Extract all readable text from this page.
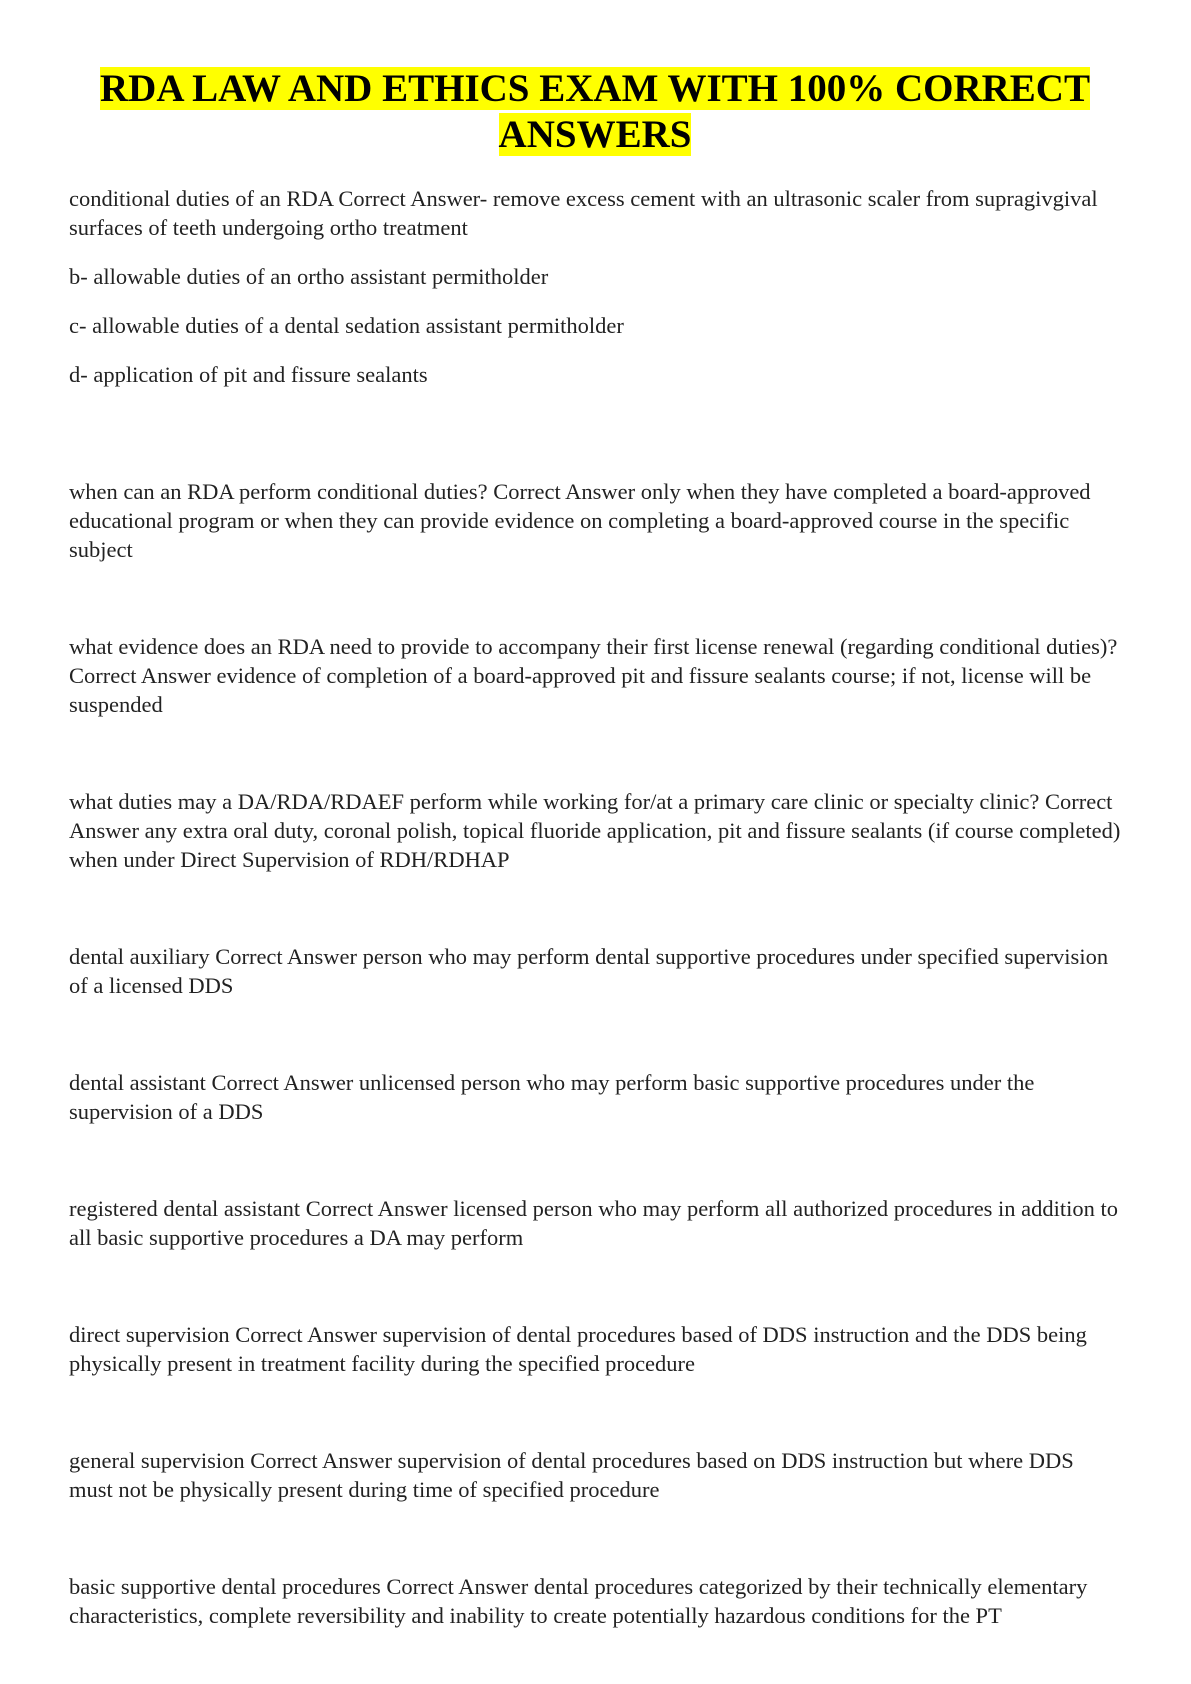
RDA LAW AND ETHICS EXAM WITH 100% CORRECT ANSWERS

conditional duties of an RDA Correct Answer- remove excess cement with an ultrasonic scaler from supragivgival surfaces of teeth undergoing ortho treatment

b- allowable duties of an ortho assistant permitholder

c- allowable duties of a dental sedation assistant permitholder

d- application of pit and fissure sealants

when can an RDA perform conditional duties? Correct Answer only when they have completed a board-approved educational program or when they can provide evidence on completing a board-approved course in the specific subject

what evidence does an RDA need to provide to accompany their first license renewal (regarding conditional duties)? Correct Answer evidence of completion of a board-approved pit and fissure sealants course; if not, license will be suspended

what duties may a DA/RDA/RDAEF perform while working for/at a primary care clinic or specialty clinic? Correct Answer any extra oral duty, coronal polish, topical fluoride application, pit and fissure sealants (if course completed) when under Direct Supervision of RDH/RDHAP

dental auxiliary Correct Answer person who may perform dental supportive procedures under specified supervision of a licensed DDS

dental assistant Correct Answer unlicensed person who may perform basic supportive procedures under the supervision of a DDS

registered dental assistant Correct Answer licensed person who may perform all authorized procedures in addition to all basic supportive procedures a DA may perform

direct supervision Correct Answer supervision of dental procedures based of DDS instruction and the DDS being physically present in treatment facility during the specified procedure

general supervision Correct Answer supervision of dental procedures based on DDS instruction but where DDS must not be physically present during time of specified procedure

basic supportive dental procedures Correct Answer dental procedures categorized by their technically elementary characteristics, complete reversibility and inability to create potentially hazardous conditions for the PT
